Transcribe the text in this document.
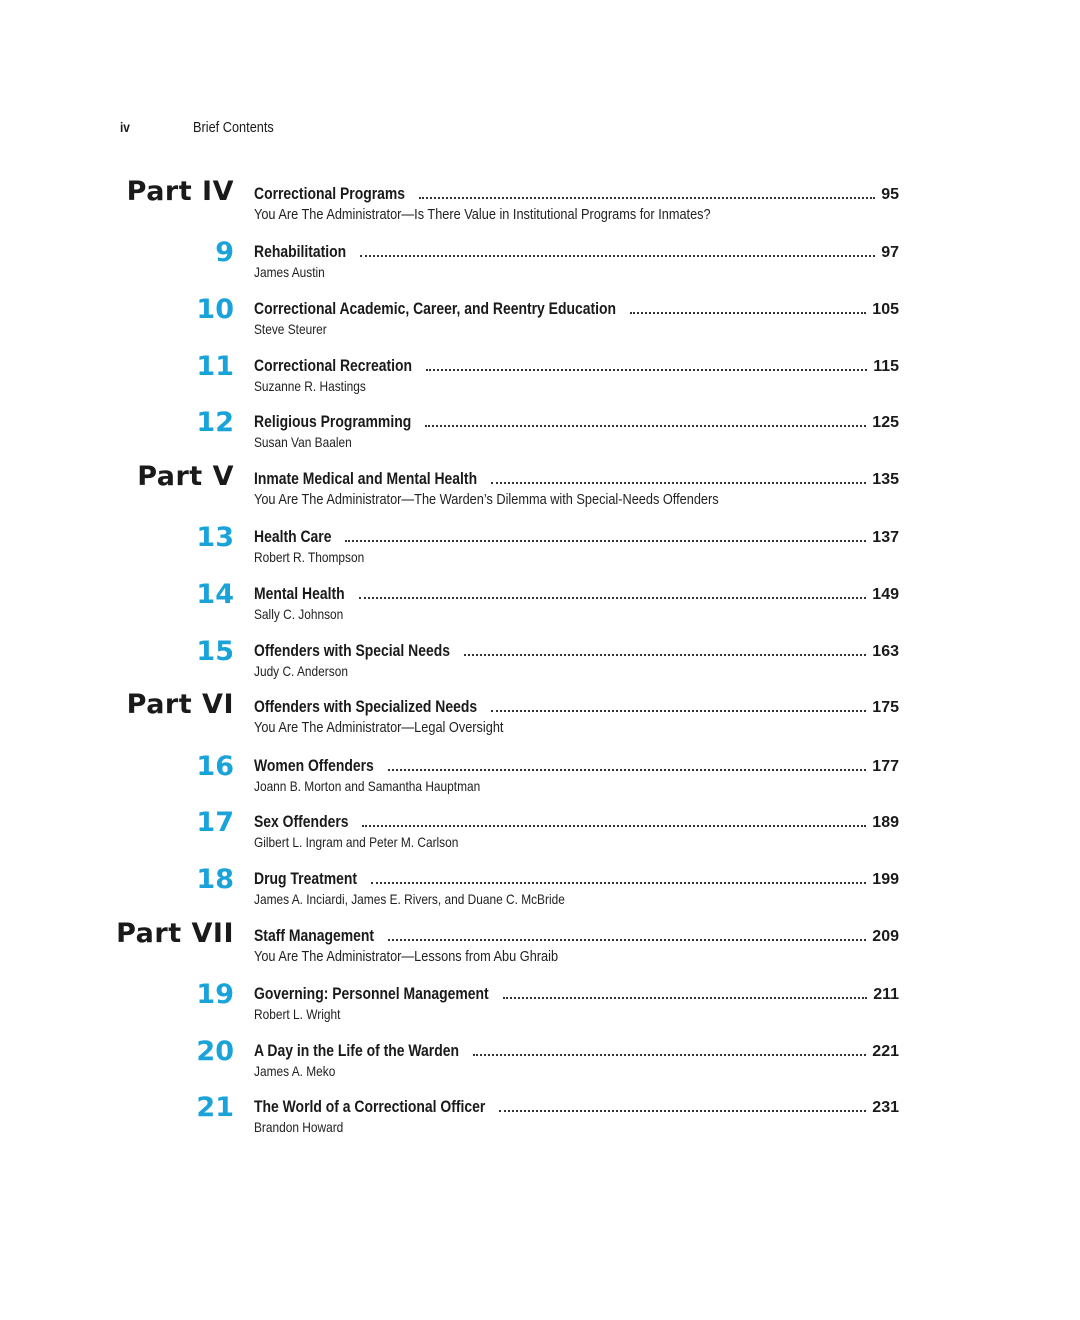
iv	Brief Contents
Part IV Correctional Programs	95
You Are The Administrator—Is There Value in Institutional Programs for Inmates?
9 Rehabilitation	97
James Austin
10 Correctional Academic, Career, and Reentry Education	105
Steve Steurer
11 Correctional Recreation	115
Suzanne R. Hastings
12 Religious Programming	125
Susan Van Baalen
Part V Inmate Medical and Mental Health	135
You Are The Administrator—The Warden’s Dilemma with Special-Needs Offenders
13 Health Care	137
Robert R. Thompson
14 Mental Health	149
Sally C. Johnson
15 Offenders with Special Needs	163
Judy C. Anderson
Part VI Offenders with Specialized Needs	175
You Are The Administrator—Legal Oversight
16 Women Offenders	177
Joann B. Morton and Samantha Hauptman
17 Sex Offenders	189
Gilbert L. Ingram and Peter M. Carlson
18 Drug Treatment	199
James A. Inciardi, James E. Rivers, and Duane C. McBride
Part VII Staff Management	209
You Are The Administrator—Lessons from Abu Ghraib
19 Governing: Personnel Management	211
Robert L. Wright
20 A Day in the Life of the Warden	221
James A. Meko
21 The World of a Correctional Officer	231
Brandon Howard
